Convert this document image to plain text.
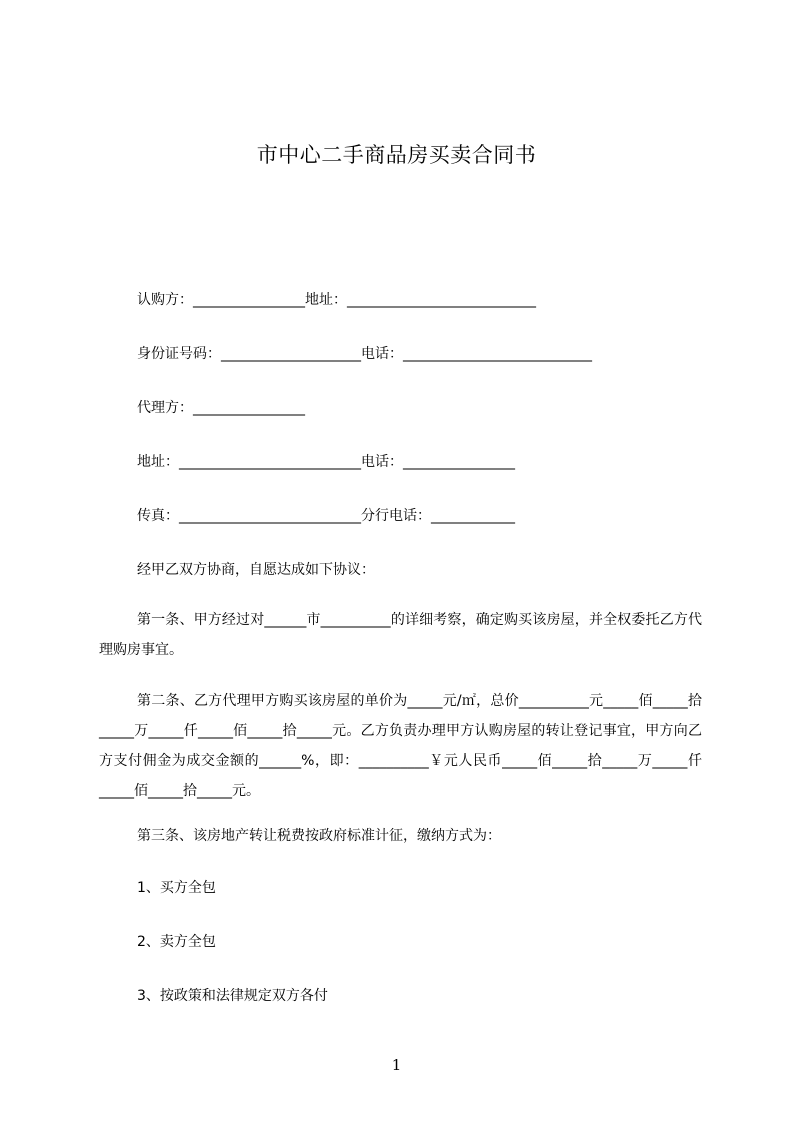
市中心二手商品房买卖合同书
认购方：________________地址：___________________________
身份证号码：____________________电话：___________________________
代理方：________________
地址：__________________________电话：________________
传真：__________________________分行电话：____________
经甲乙双方协商，自愿达成如下协议：
第一条、甲方经过对______市__________的详细考察，确定购买该房屋，并全权委托乙方代理购房事宜。
第二条、乙方代理甲方购买该房屋的单价为_____元/㎡，总价__________元_____佰_____拾_____万_____仟_____佰_____拾_____元。乙方负责办理甲方认购房屋的转让登记事宜，甲方向乙方支付佣金为成交金额的______%，即：__________￥元人民币_____佰_____拾_____万_____仟_____佰_____拾_____元。
第三条、该房地产转让税费按政府标准计征，缴纳方式为：
1、买方全包
2、卖方全包
3、按政策和法律规定双方各付
1
